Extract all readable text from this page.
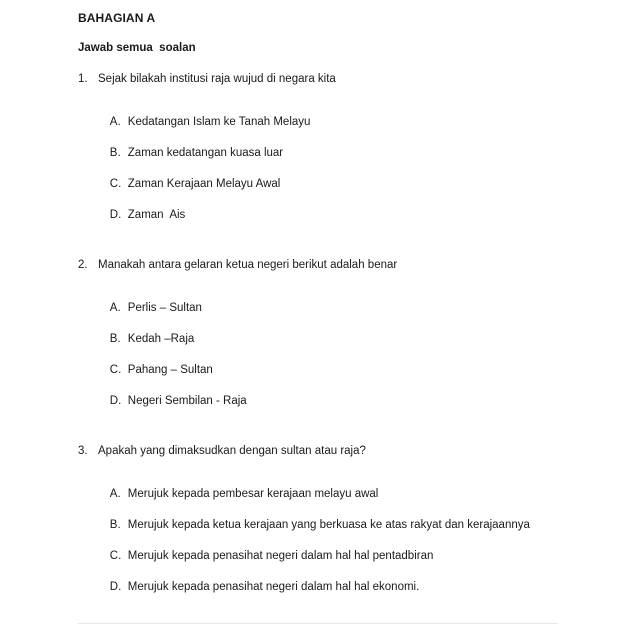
BAHAGIAN A
Jawab semua  soalan
1. Sejak bilakah institusi raja wujud di negara kita

A. Kedatangan Islam ke Tanah Melayu

B. Zaman kedatangan kuasa luar

C. Zaman Kerajaan Melayu Awal

D. Zaman  Ais

2. Manakah antara gelaran ketua negeri berikut adalah benar

A. Perlis – Sultan

B. Kedah –Raja

C. Pahang – Sultan

D. Negeri Sembilan - Raja

3. Apakah yang dimaksudkan dengan sultan atau raja?

A. Merujuk kepada pembesar kerajaan melayu awal

B. Merujuk kepada ketua kerajaan yang berkuasa ke atas rakyat dan kerajaannya

C. Merujuk kepada penasihat negeri dalam hal hal pentadbiran

D. Merujuk kepada penasihat negeri dalam hal hal ekonomi.
